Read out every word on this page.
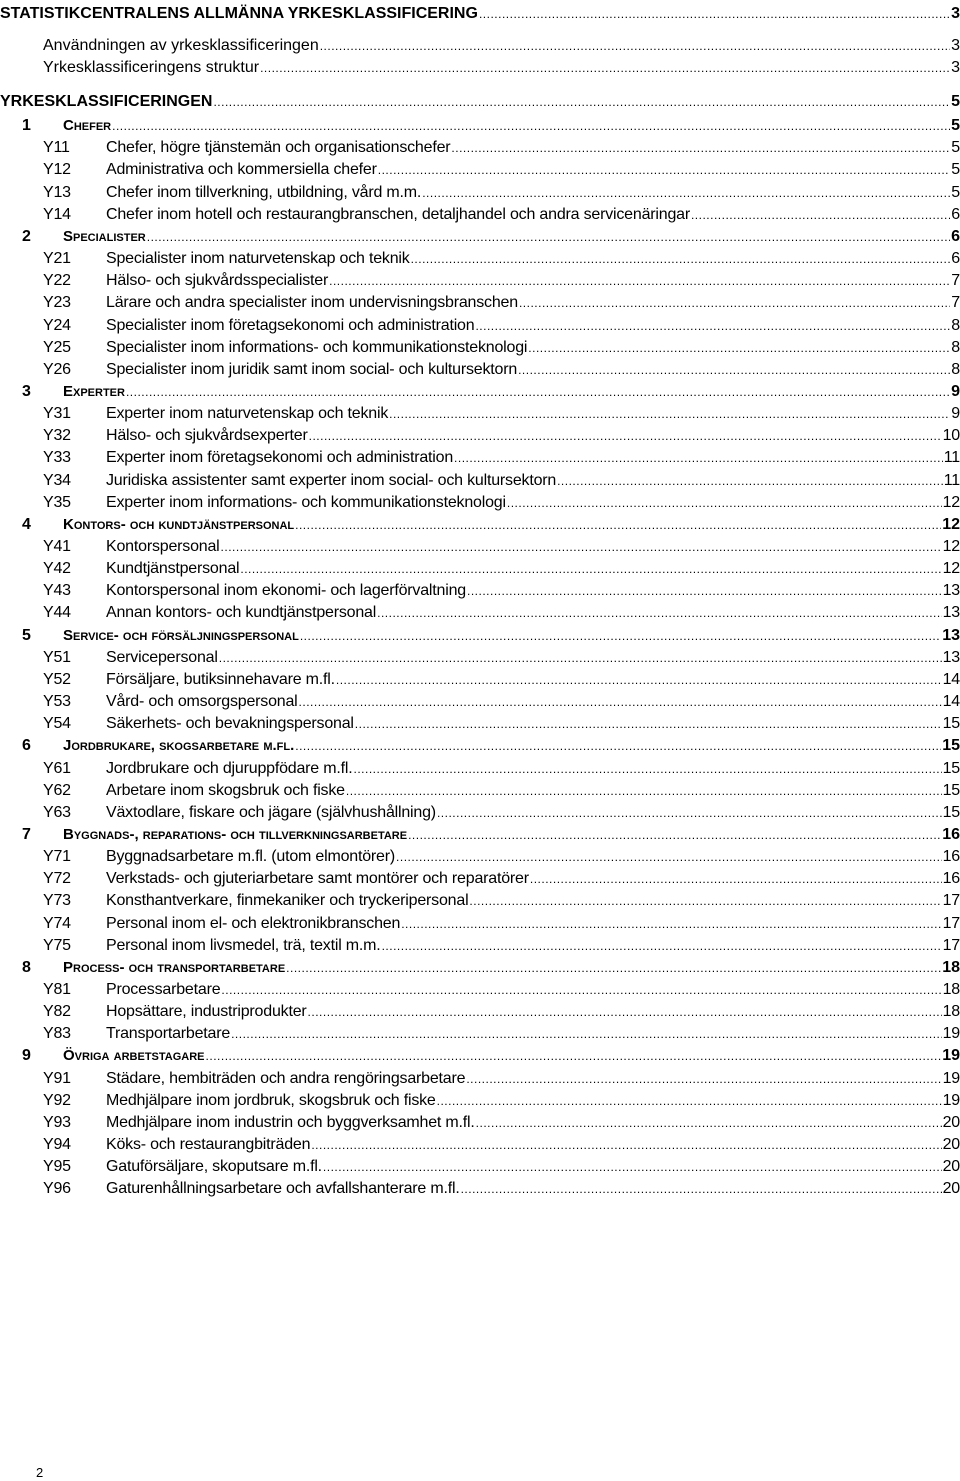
STATISTIKCENTRALENS ALLMÄNNA YRKESKLASSIFICERING .....	3
Användningen av yrkesklassificeringen .....	3
Yrkesklassificeringens struktur .....	3
YRKESKLASSIFICERINGEN .....	5
1 Chefer .....	5
Y11 Chefer, högre tjänstemän och organisationschefer .....	5
Y12 Administrativa och kommersiella chefer .....	5
Y13 Chefer inom tillverkning, utbildning, vård m.m. .....	5
Y14 Chefer inom hotell och restaurangbranschen, detaljhandel och andra servicenäringar .....	6
2 Specialister .....	6
Y21 Specialister inom naturvetenskap och teknik .....	6
Y22 Hälso- och sjukvårdsspecialister .....	7
Y23 Lärare och andra specialister inom undervisningsbranschen .....	7
Y24 Specialister inom företagsekonomi och administration .....	8
Y25 Specialister inom informations- och kommunikationsteknologi .....	8
Y26 Specialister inom juridik samt inom social- och kultursektorn .....	8
3 Experter .....	9
Y31 Experter inom naturvetenskap och teknik .....	9
Y32 Hälso- och sjukvårdsexperter .....	10
Y33 Experter inom företagsekonomi och administration .....	11
Y34 Juridiska assistenter samt experter inom social- och kultursektorn .....	11
Y35 Experter inom informations- och kommunikationsteknologi .....	12
4 Kontors- och kundtjänstpersonal .....	12
Y41 Kontorspersonal .....	12
Y42 Kundtjänstpersonal .....	12
Y43 Kontorspersonal inom ekonomi- och lagerförvaltning .....	13
Y44 Annan kontors- och kundtjänstpersonal .....	13
5 Service- och försäljningspersonal .....	13
Y51 Servicepersonal .....	13
Y52 Försäljare, butiksinnehavare m.fl. .....	14
Y53 Vård- och omsorgspersonal .....	14
Y54 Säkerhets- och bevakningspersonal .....	15
6 Jordbrukare, skogsarbetare m.fl. .....	15
Y61 Jordbrukare och djuruppfödare m.fl. .....	15
Y62 Arbetare inom skogsbruk och fiske .....	15
Y63 Växtodlare, fiskare och jägare (självhushållning) .....	15
7 Byggnads-, reparations- och tillverkningsarbetare .....	16
Y71 Byggnadsarbetare m.fl. (utom elmontörer) .....	16
Y72 Verkstads- och gjuteriarbetare samt montörer och reparatörer .....	16
Y73 Konsthantverkare, finmekaniker och tryckeripersonal .....	17
Y74 Personal inom el- och elektronikbranschen .....	17
Y75 Personal inom livsmedel, trä, textil m.m. .....	17
8 Process- och transportarbetare .....	18
Y81 Processarbetare .....	18
Y82 Hopsättare, industriprodukter .....	18
Y83 Transportarbetare .....	19
9 Övriga arbetstagare .....	19
Y91 Städare, hembiträden och andra rengöringsarbetare .....	19
Y92 Medhjälpare inom jordbruk, skogsbruk och fiske .....	19
Y93 Medhjälpare inom industrin och byggverksamhet m.fl. .....	20
Y94 Köks- och restaurangbiträden .....	20
Y95 Gatuförsäljare, skoputsare m.fl. .....	20
Y96 Gaturenhållningsarbetare och avfallshanterare m.fl. .....	20
2
